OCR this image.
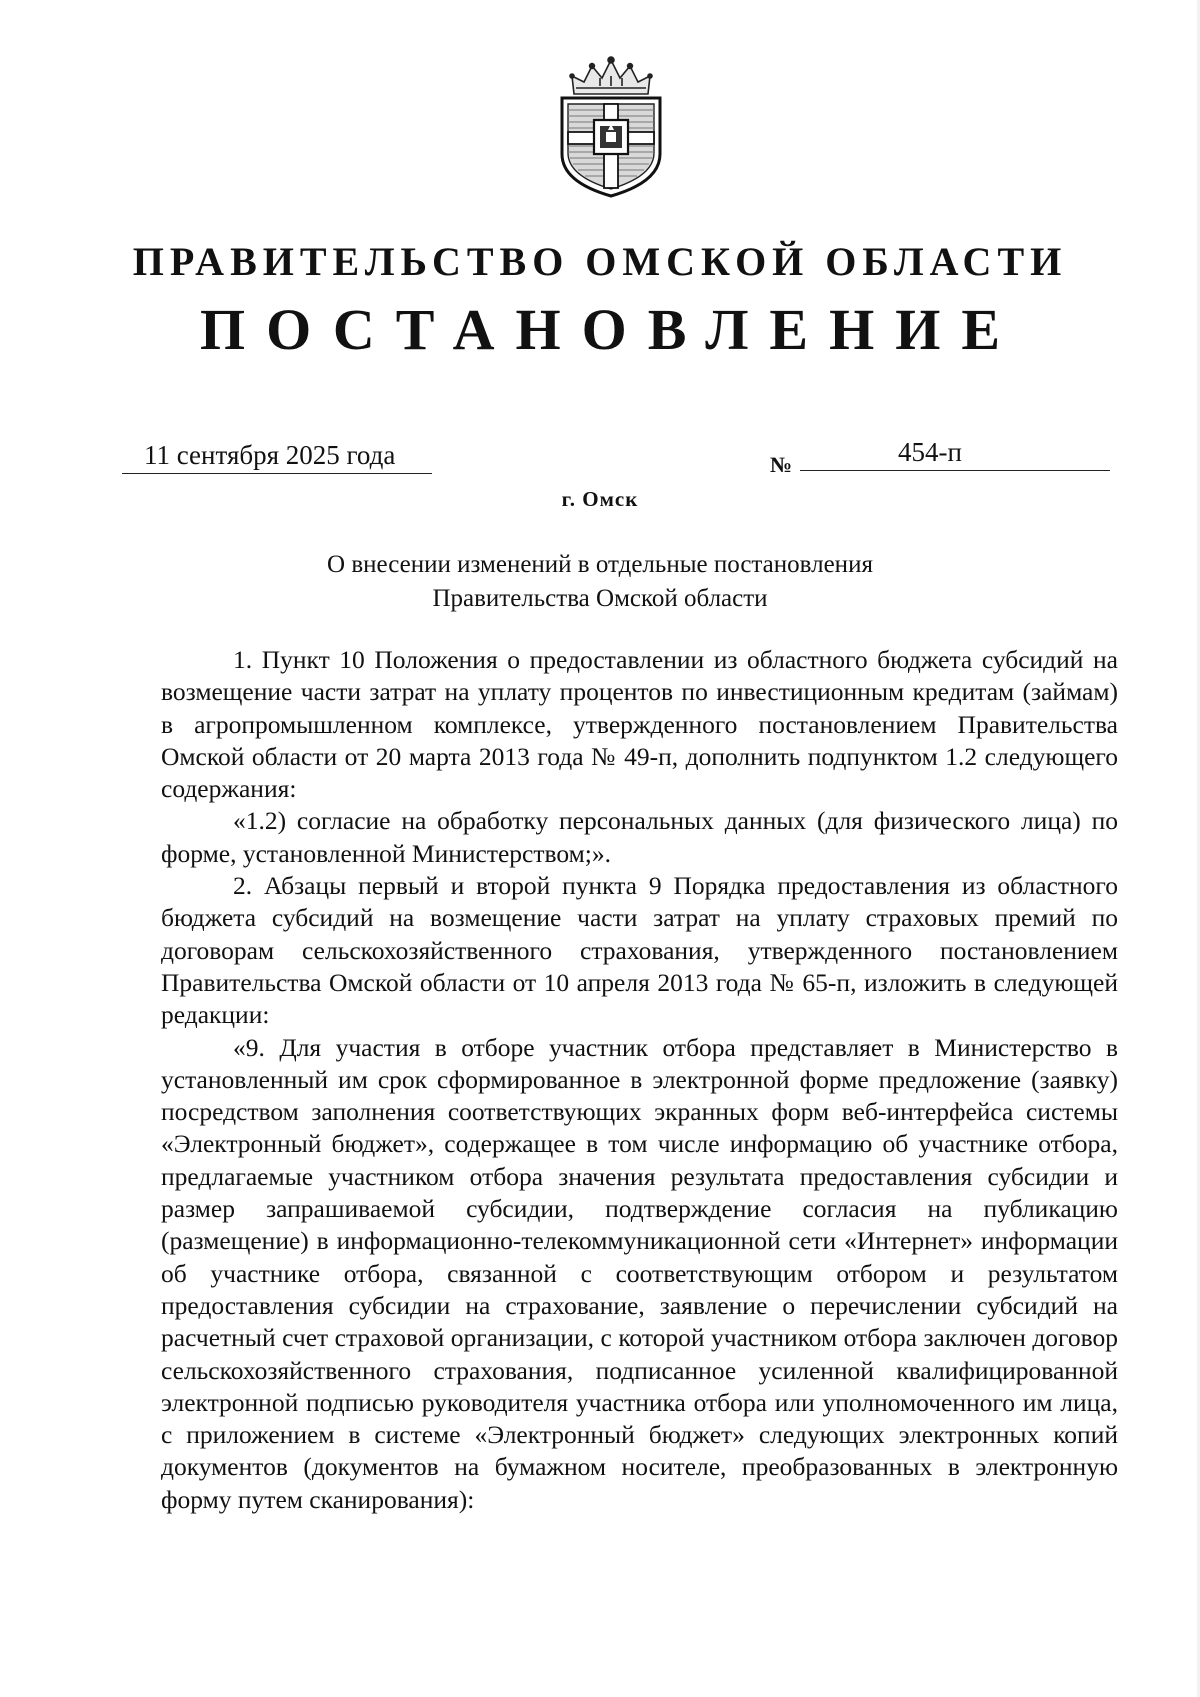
ПРАВИТЕЛЬСТВО ОМСКОЙ ОБЛАСТИ
ПОСТАНОВЛЕНИЕ
11 сентября 2025 года	№	454-п
г. Омск
О внесении изменений в отдельные постановления
Правительства Омской области

1. Пункт 10 Положения о предоставлении из областного бюджета субсидий на возмещение части затрат на уплату процентов по инвестиционным кредитам (займам) в агропромышленном комплексе, утвержденного постановлением Правительства Омской области от 20 марта 2013 года № 49-п, дополнить подпунктом 1.2 следующего содержания:

«1.2) согласие на обработку персональных данных (для физического лица) по форме, установленной Министерством;».

2. Абзацы первый и второй пункта 9 Порядка предоставления из областного бюджета субсидий на возмещение части затрат на уплату страховых премий по договорам сельскохозяйственного страхования, утвержденного постановлением Правительства Омской области от 10 апреля 2013 года № 65-п, изложить в следующей редакции:

«9. Для участия в отборе участник отбора представляет в Министерство в установленный им срок сформированное в электронной форме предложение (заявку) посредством заполнения соответствующих экранных форм веб-интерфейса системы «Электронный бюджет», содержащее в том числе информацию об участнике отбора, предлагаемые участником отбора значения результата предоставления субсидии и размер запрашиваемой субсидии, подтверждение согласия на публикацию (размещение) в информационно-телекоммуникационной сети «Интернет» информации об участнике отбора, связанной с соответствующим отбором и результатом предоставления субсидии на страхование, заявление о перечислении субсидий на расчетный счет страховой организации, с которой участником отбора заключен договор сельскохозяйственного страхования, подписанное усиленной квалифицированной электронной подписью руководителя участника отбора или уполномоченного им лица, с приложением в системе «Электронный бюджет» следующих электронных копий документов (документов на бумажном носителе, преобразованных в электронную форму путем сканирования):
